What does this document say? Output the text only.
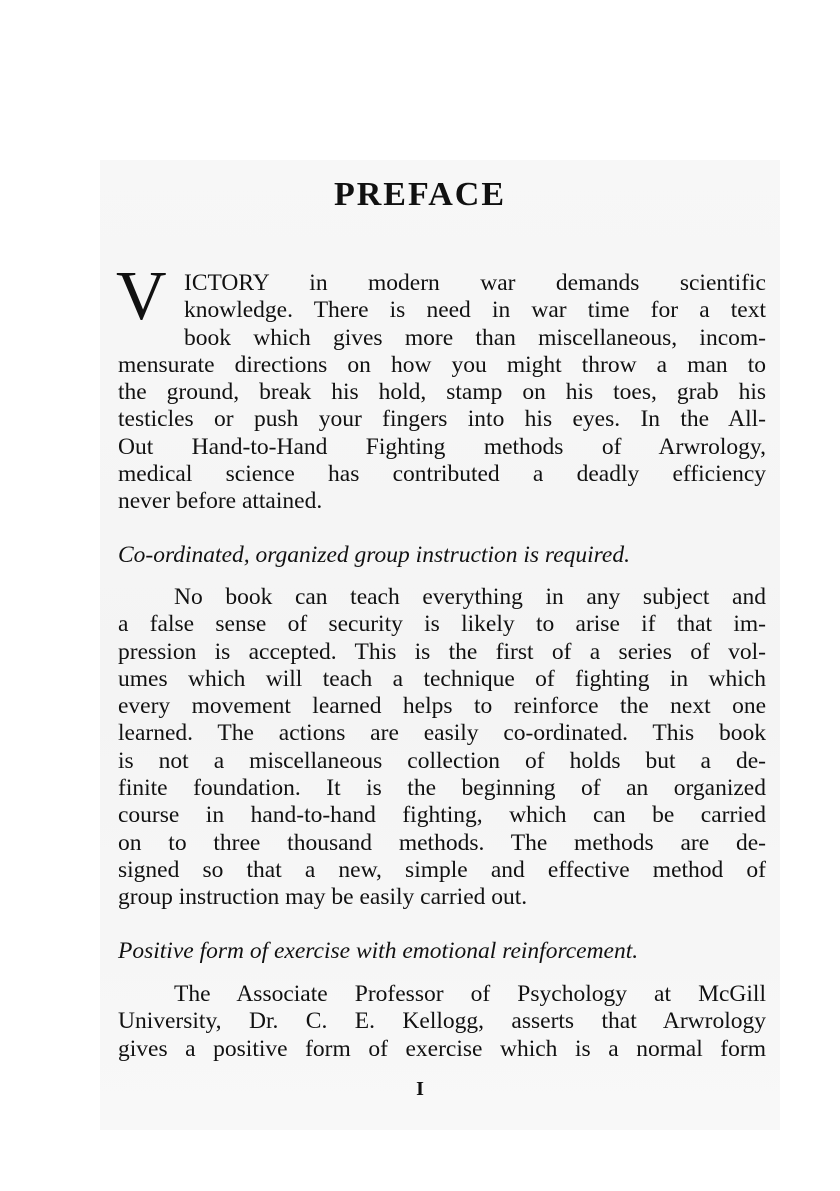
PREFACE
V ICTORY in modern war demands scientific
knowledge. There is need in war time for a text
book which gives more than miscellaneous, incom-
mensurate directions on how you might throw a man to
the ground, break his hold, stamp on his toes, grab his
testicles or push your fingers into his eyes. In the All-
Out Hand-to-Hand Fighting methods of Arwrology,
medical science has contributed a deadly efficiency
never before attained.
Co-ordinated, organized group instruction is required.
No book can teach everything in any subject and
a false sense of security is likely to arise if that im-
pression is accepted. This is the first of a series of vol-
umes which will teach a technique of fighting in which
every movement learned helps to reinforce the next one
learned. The actions are easily co-ordinated. This book
is not a miscellaneous collection of holds but a de-
finite foundation. It is the beginning of an organized
course in hand-to-hand fighting, which can be carried
on to three thousand methods. The methods are de-
signed so that a new, simple and effective method of
group instruction may be easily carried out.
Positive form of exercise with emotional reinforcement.
The Associate Professor of Psychology at McGill
University, Dr. C. E. Kellogg, asserts that Arwrology
gives a positive form of exercise which is a normal form
I
